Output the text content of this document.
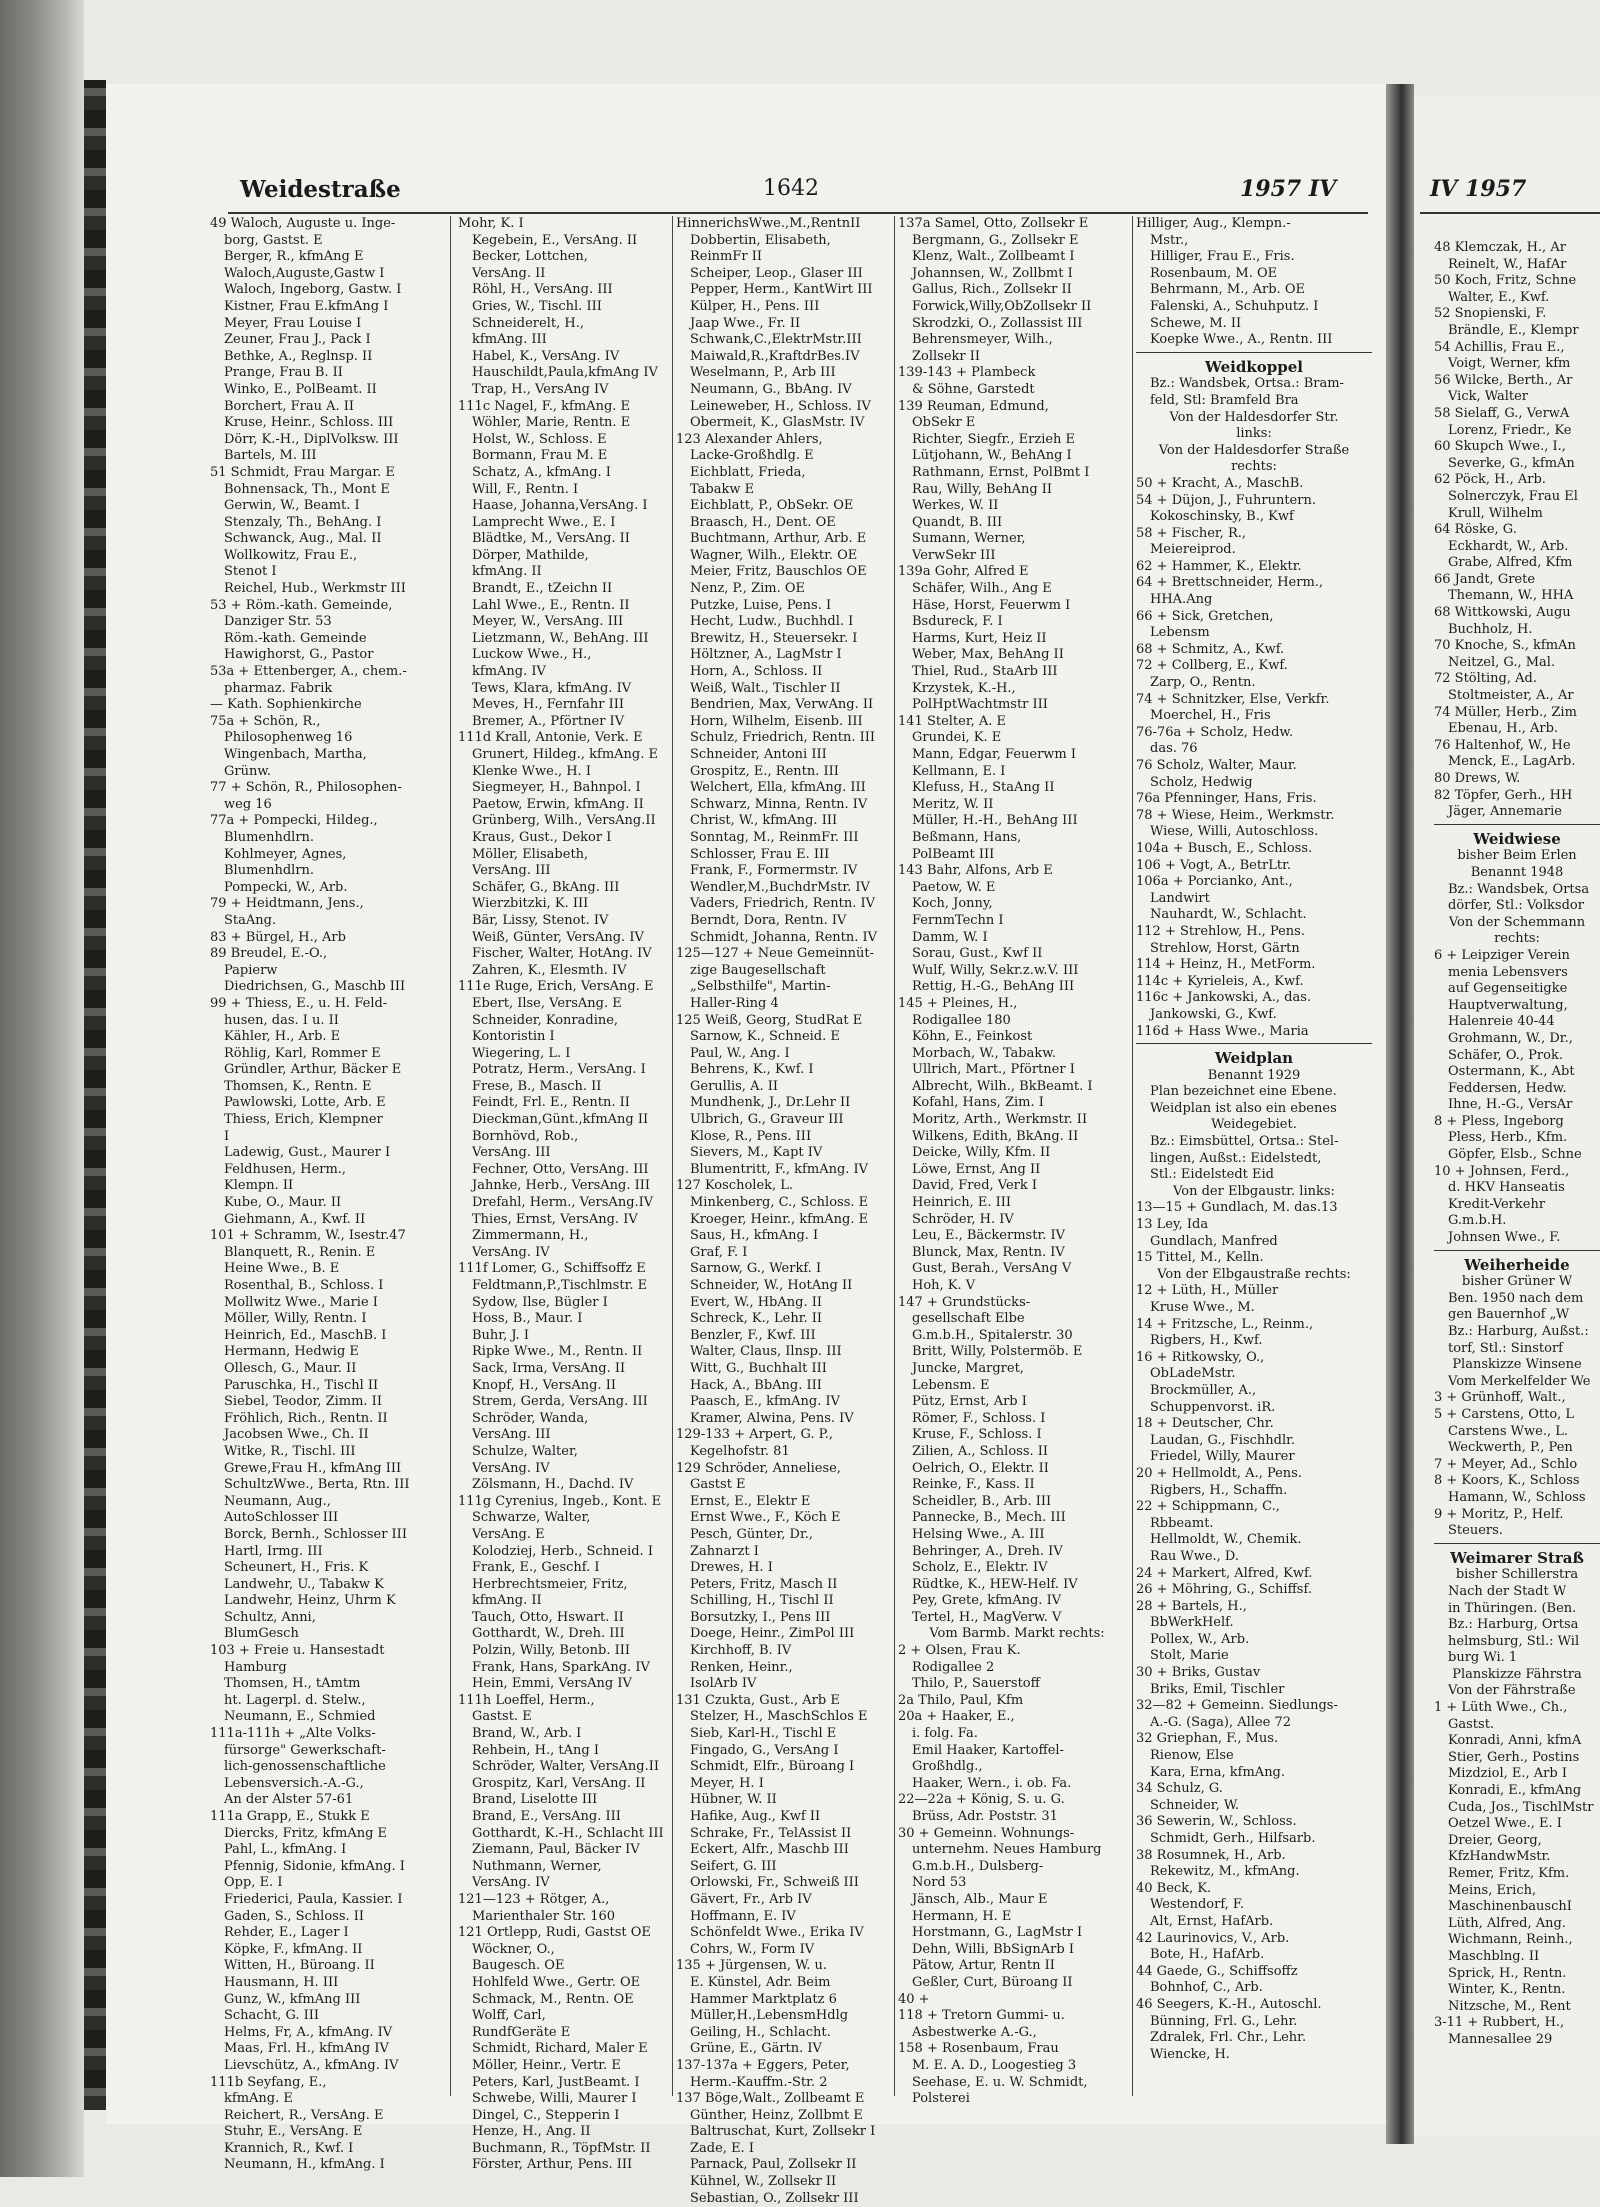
Weidestraße	1642	1957 IV	IV 1957
49 Waloch, Auguste u. Inge-
borg, Gastst. E
Berger, R., kfmAng E
Waloch,Auguste,Gastw I
Waloch, Ingeborg, Gastw. I
Kistner, Frau E.kfmAng I
Meyer, Frau Louise I
Zeuner, Frau J., Pack I
Bethke, A., Reglnsp. II
Prange, Frau B. II
Winko, E., PolBeamt. II
Borchert, Frau A. II
Kruse, Heinr., Schloss. III
Dörr, K.-H., DiplVolksw. III
Bartels, M. III
51 Schmidt, Frau Margar. E
Bohnensack, Th., Mont E
Gerwin, W., Beamt. I
Stenzaly, Th., BehAng. I
Schwanck, Aug., Mal. II
Wollkowitz, Frau E.,
Stenot I
Reichel, Hub., Werkmstr III
53 + Röm.-kath. Gemeinde,
Danziger Str. 53
Röm.-kath. Gemeinde
Hawighorst, G., Pastor
53a + Ettenberger, A., chem.-
pharmaz. Fabrik
— Kath. Sophienkirche
75a + Schön, R.,
Philosophenweg 16
Wingenbach, Martha,
Grünw.
77 + Schön, R., Philosophen-
weg 16
77a + Pompecki, Hildeg.,
Blumenhdlrn.
Kohlmeyer, Agnes,
Blumenhdlrn.
Pompecki, W., Arb.
79 + Heidtmann, Jens.,
StaAng.
83 + Bürgel, H., Arb
89 Breudel, E.-O.,
Papierw
Diedrichsen, G., Maschb III
99 + Thiess, E., u. H. Feld-
husen, das. I u. II
Kähler, H., Arb. E
Röhlig, Karl, Rommer E
Gründler, Arthur, Bäcker E
Thomsen, K., Rentn. E
Pawlowski, Lotte, Arb. E
Thiess, Erich, Klempner
I
Ladewig, Gust., Maurer I
Feldhusen, Herm.,
Klempn. II
Kube, O., Maur. II
Giehmann, A., Kwf. II
101 + Schramm, W., Isestr.47
Blanquett, R., Renin. E
Heine Wwe., B. E
Rosenthal, B., Schloss. I
Mollwitz Wwe., Marie I
Möller, Willy, Rentn. I
Heinrich, Ed., MaschB. I
Hermann, Hedwig E
Ollesch, G., Maur. II
Paruschka, H., Tischl II
Siebel, Teodor, Zimm. II
Fröhlich, Rich., Rentn. II
Jacobsen Wwe., Ch. II
Witke, R., Tischl. III
Grewe,Frau H., kfmAng III
SchultzWwe., Berta, Rtn. III
Neumann, Aug.,
AutoSchlosser III
Borck, Bernh., Schlosser III
Hartl, Irmg. III
Scheunert, H., Fris. K
Landwehr, U., Tabakw K
Landwehr, Heinz, Uhrm K
Schultz, Anni,
BlumGesch
103 + Freie u. Hansestadt
Hamburg
Thomsen, H., tAmtm
ht. Lagerpl. d. Stelw.,
Neumann, E., Schmied
111a-111h + „Alte Volks-
fürsorge" Gewerkschaft-
lich-genossenschaftliche
Lebensversich.-A.-G.,
An der Alster 57-61
111a Grapp, E., Stukk E
Diercks, Fritz, kfmAng E
Pahl, L., kfmAng. I
Pfennig, Sidonie, kfmAng. I
Opp, E. I
Friederici, Paula, Kassier. I
Gaden, S., Schloss. II
Rehder, E., Lager I
Köpke, F., kfmAng. II
Witten, H., Büroang. II
Hausmann, H. III
Gunz, W., kfmAng III
Schacht, G. III
Helms, Fr, A., kfmAng. IV
Maas, Frl. H., kfmAng IV
Lievschütz, A., kfmAng. IV
111b Seyfang, E.,
kfmAng. E
Reichert, R., VersAng. E
Stuhr, E., VersAng. E
Krannich, R., Kwf. I
Neumann, H., kfmAng. I
Mohr, K. I
Kegebein, E., VersAng. II
Becker, Lottchen,
VersAng. II
Röhl, H., VersAng. III
Gries, W., Tischl. III
Schneiderelt, H.,
kfmAng. III
Habel, K., VersAng. IV
Hauschildt,Paula,kfmAng IV
Trap, H., VersAng IV
111c Nagel, F., kfmAng. E
Wöhler, Marie, Rentn. E
Holst, W., Schloss. E
Bormann, Frau M. E
Schatz, A., kfmAng. I
Will, F., Rentn. I
Haase, Johanna,VersAng. I
Lamprecht Wwe., E. I
Blädtke, M., VersAng. II
Dörper, Mathilde,
kfmAng. II
Brandt, E., tZeichn II
Lahl Wwe., E., Rentn. II
Meyer, W., VersAng. III
Lietzmann, W., BehAng. III
Luckow Wwe., H.,
kfmAng. IV
Tews, Klara, kfmAng. IV
Meves, H., Fernfahr III
Bremer, A., Pförtner IV
111d Krall, Antonie, Verk. E
Grunert, Hildeg., kfmAng. E
Klenke Wwe., H. I
Siegmeyer, H., Bahnpol. I
Paetow, Erwin, kfmAng. II
Grünberg, Wilh., VersAng.II
Kraus, Gust., Dekor I
Möller, Elisabeth,
VersAng. III
Schäfer, G., BkAng. III
Wierzbitzki, K. III
Bär, Lissy, Stenot. IV
Weiß, Günter, VersAng. IV
Fischer, Walter, HotAng. IV
Zahren, K., Elesmth. IV
111e Ruge, Erich, VersAng. E
Ebert, Ilse, VersAng. E
Schneider, Konradine,
Kontoristin I
Wiegering, L. I
Potratz, Herm., VersAng. I
Frese, B., Masch. II
Feindt, Frl. E., Rentn. II
Dieckman,Günt.,kfmAng II
Bornhövd, Rob.,
VersAng. III
Fechner, Otto, VersAng. III
Jahnke, Herb., VersAng. III
Drefahl, Herm., VersAng.IV
Thies, Ernst, VersAng. IV
Zimmermann, H.,
VersAng. IV
111f Lomer, G., Schiffsoffz E
Feldtmann,P.,Tischlmstr. E
Sydow, Ilse, Bügler I
Hoss, B., Maur. I
Buhr, J. I
Ripke Wwe., M., Rentn. II
Sack, Irma, VersAng. II
Knopf, H., VersAng. II
Strem, Gerda, VersAng. III
Schröder, Wanda,
VersAng. III
Schulze, Walter,
VersAng. IV
Zölsmann, H., Dachd. IV
111g Cyrenius, Ingeb., Kont. E
Schwarze, Walter,
VersAng. E
Kolodziej, Herb., Schneid. I
Frank, E., Geschf. I
Herbrechtsmeier, Fritz,
kfmAng. II
Tauch, Otto, Hswart. II
Gotthardt, W., Dreh. III
Polzin, Willy, Betonb. III
Frank, Hans, SparkAng. IV
Hein, Emmi, VersAng IV
111h Loeffel, Herm.,
Gastst. E
Brand, W., Arb. I
Rehbein, H., tAng I
Schröder, Walter, VersAng.II
Grospitz, Karl, VersAng. II
Brand, Liselotte III
Brand, E., VersAng. III
Gotthardt, K.-H., Schlacht III
Ziemann, Paul, Bäcker IV
Nuthmann, Werner,
VersAng. IV
121—123 + Rötger, A.,
Marienthaler Str. 160
121 Ortlepp, Rudi, Gastst OE
Wöckner, O.,
Baugesch. OE
Hohlfeld Wwe., Gertr. OE
Schmack, M., Rentn. OE
Wolff, Carl,
RundfGeräte E
Schmidt, Richard, Maler E
Möller, Heinr., Vertr. E
Peters, Karl, JustBeamt. I
Schwebe, Willi, Maurer I
Dingel, C., Stepperin I
Henze, H., Ang. II
Buchmann, R., TöpfMstr. II
Förster, Arthur, Pens. III
HinnerichsWwe.,M.,RentnII
Dobbertin, Elisabeth,
ReinmFr II
Scheiper, Leop., Glaser III
Pepper, Herm., KantWirt III
Külper, H., Pens. III
Jaap Wwe., Fr. II
Schwank,C.,ElektrMstr.III
Maiwald,R.,KraftdrBes.IV
Weselmann, P., Arb III
Neumann, G., BbAng. IV
Leineweber, H., Schloss. IV
Obermeit, K., GlasMstr. IV
123 Alexander Ahlers,
Lacke-Großhdlg. E
Eichblatt, Frieda,
Tabakw E
Eichblatt, P., ObSekr. OE
Braasch, H., Dent. OE
Buchtmann, Arthur, Arb. E
Wagner, Wilh., Elektr. OE
Meier, Fritz, Bauschlos OE
Nenz, P., Zim. OE
Putzke, Luise, Pens. I
Hecht, Ludw., Buchhdl. I
Brewitz, H., Steuersekr. I
Höltzner, A., LagMstr I
Horn, A., Schloss. II
Weiß, Walt., Tischler II
Bendrien, Max, VerwAng. II
Horn, Wilhelm, Eisenb. III
Schulz, Friedrich, Rentn. III
Schneider, Antoni III
Grospitz, E., Rentn. III
Welchert, Ella, kfmAng. III
Schwarz, Minna, Rentn. IV
Christ, W., kfmAng. III
Sonntag, M., ReinmFr. III
Schlosser, Frau E. III
Frank, F., Formermstr. IV
Wendler,M.,BuchdrMstr. IV
Vaders, Friedrich, Rentn. IV
Berndt, Dora, Rentn. IV
Schmidt, Johanna, Rentn. IV
125—127 + Neue Gemeinnüt-
zige Baugesellschaft
„Selbsthilfe", Martin-
Haller-Ring 4
125 Weiß, Georg, StudRat E
Sarnow, K., Schneid. E
Paul, W., Ang. I
Behrens, K., Kwf. I
Gerullis, A. II
Mundhenk, J., Dr.Lehr II
Ulbrich, G., Graveur III
Klose, R., Pens. III
Sievers, M., Kapt IV
Blumentritt, F., kfmAng. IV
127 Koscholek, L.
Minkenberg, C., Schloss. E
Kroeger, Heinr., kfmAng. E
Saus, H., kfmAng. I
Graf, F. I
Sarnow, G., Werkf. I
Schneider, W., HotAng II
Evert, W., HbAng. II
Schreck, K., Lehr. II
Benzler, F., Kwf. III
Walter, Claus, Ilnsp. III
Witt, G., Buchhalt III
Hack, A., BbAng. III
Paasch, E., kfmAng. IV
Kramer, Alwina, Pens. IV
129-133 + Arpert, G. P.,
Kegelhofstr. 81
129 Schröder, Anneliese,
Gastst E
Ernst, E., Elektr E
Ernst Wwe., F., Köch E
Pesch, Günter, Dr.,
Zahnarzt I
Drewes, H. I
Peters, Fritz, Masch II
Schilling, H., Tischl II
Borsutzky, I., Pens III
Doege, Heinr., ZimPol III
Kirchhoff, B. IV
Renken, Heinr.,
IsolArb IV
131 Czukta, Gust., Arb E
Stelzer, H., MaschSchlos E
Sieb, Karl-H., Tischl E
Fingado, G., VersAng I
Schmidt, Elfr., Büroang I
Meyer, H. I
Hübner, W. II
Hafike, Aug., Kwf II
Schrake, Fr., TelAssist II
Eckert, Alfr., Maschb III
Seifert, G. III
Orlowski, Fr., Schweiß III
Gävert, Fr., Arb IV
Hoffmann, E. IV
Schönfeldt Wwe., Erika IV
Cohrs, W., Form IV
135 + Jürgensen, W. u.
E. Künstel, Adr. Beim
Hammer Marktplatz 6
Müller,H.,LebensmHdlg
Geiling, H., Schlacht.
Grüne, E., Gärtn. IV
137-137a + Eggers, Peter,
Herm.-Kauffm.-Str. 2
137 Böge,Walt., Zollbeamt E
Günther, Heinz, Zollbmt E
Baltruschat, Kurt, Zollsekr I
Zade, E. I
Parnack, Paul, Zollsekr II
Kühnel, W., Zollsekr II
Sebastian, O., Zollsekr III
137a Samel, Otto, Zollsekr E
Bergmann, G., Zollsekr E
Klenz, Walt., Zollbeamt I
Johannsen, W., Zollbmt I
Gallus, Rich., Zollsekr II
Forwick,Willy,ObZollsekr II
Skrodzki, O., Zollassist III
Behrensmeyer, Wilh.,
Zollsekr II
139-143 + Plambeck
& Söhne, Garstedt
139 Reuman, Edmund,
ObSekr E
Richter, Siegfr., Erzieh E
Lütjohann, W., BehAng I
Rathmann, Ernst, PolBmt I
Rau, Willy, BehAng II
Werkes, W. II
Quandt, B. III
Sumann, Werner,
VerwSekr III
139a Gohr, Alfred E
Schäfer, Wilh., Ang E
Häse, Horst, Feuerwm I
Bsdureck, F. I
Harms, Kurt, Heiz II
Weber, Max, BehAng II
Thiel, Rud., StaArb III
Krzystek, K.-H.,
PolHptWachtmstr III
141 Stelter, A. E
Grundei, K. E
Mann, Edgar, Feuerwm I
Kellmann, E. I
Klefuss, H., StaAng II
Meritz, W. II
Müller, H.-H., BehAng III
Beßmann, Hans,
PolBeamt III
143 Bahr, Alfons, Arb E
Paetow, W. E
Koch, Jonny,
FernmTechn I
Damm, W. I
Sorau, Gust., Kwf II
Wulf, Willy, Sekr.z.w.V. III
Rettig, H.-G., BehAng III
145 + Pleines, H.,
Rodigallee 180
Köhn, E., Feinkost
Morbach, W., Tabakw.
Ullrich, Mart., Pförtner I
Albrecht, Wilh., BkBeamt. I
Kofahl, Hans, Zim. I
Moritz, Arth., Werkmstr. II
Wilkens, Edith, BkAng. II
Deicke, Willy, Kfm. II
Löwe, Ernst, Ang II
David, Fred, Verk I
Heinrich, E. III
Schröder, H. IV
Leu, E., Bäckermstr. IV
Blunck, Max, Rentn. IV
Gust, Berah., VersAng V
Hoh, K. V
147 + Grundstücks-
gesellschaft Elbe
G.m.b.H., Spitalerstr. 30
Britt, Willy, Polstermöb. E
Juncke, Margret,
Lebensm. E
Pütz, Ernst, Arb I
Römer, F., Schloss. I
Kruse, F., Schloss. I
Zilien, A., Schloss. II
Oelrich, O., Elektr. II
Reinke, F., Kass. II
Scheidler, B., Arb. III
Pannecke, B., Mech. III
Helsing Wwe., A. III
Behringer, A., Dreh. IV
Scholz, E., Elektr. IV
Rüdtke, K., HEW-Helf. IV
Pey, Grete, kfmAng. IV
Tertel, H., MagVerw. V
Vom Barmb. Markt rechts:
2 + Olsen, Frau K.
Rodigallee 2
Thilo, P., Sauerstoff
2a Thilo, Paul, Kfm
20a + Haaker, E.,
i. folg. Fa.
Emil Haaker, Kartoffel-
Großhdlg.,
Haaker, Wern., i. ob. Fa.
22—22a + König, S. u. G.
Brüss, Adr. Poststr. 31
30 + Gemeinn. Wohnungs-
unternehm. Neues Hamburg
G.m.b.H., Dulsberg-
Nord 53
Jänsch, Alb., Maur E
Hermann, H. E
Horstmann, G., LagMstr I
Dehn, Willi, BbSignArb I
Pätow, Artur, Rentn II
Geßler, Curt, Büroang II
40 +
118 + Tretorn Gummi- u.
Asbestwerke A.-G.,
158 + Rosenbaum, Frau
M. E. A. D., Loogestieg 3
Seehase, E. u. W. Schmidt,
Polsterei
Hilliger, Aug., Klempn.-
Mstr.,
Hilliger, Frau E., Fris.
Rosenbaum, M. OE
Behrmann, M., Arb. OE
Falenski, A., Schuhputz. I
Schewe, M. II
Koepke Wwe., A., Rentn. III
Weidkoppel
Bz.: Wandsbek, Ortsa.: Bram-
feld, Stl: Bramfeld Bra
Von der Haldesdorfer Str.
links:
Von der Haldesdorfer Straße
rechts:
50 + Kracht, A., MaschB.
54 + Düjon, J., Fuhruntern.
Kokoschinsky, B., Kwf
58 + Fischer, R.,
Meiereiprod.
62 + Hammer, K., Elektr.
64 + Brettschneider, Herm.,
HHA.Ang
66 + Sick, Gretchen,
Lebensm
68 + Schmitz, A., Kwf.
72 + Collberg, E., Kwf.
Zarp, O., Rentn.
74 + Schnitzker, Else, Verkfr.
Moerchel, H., Fris
76-76a + Scholz, Hedw.
das. 76
76 Scholz, Walter, Maur.
Scholz, Hedwig
76a Pfenninger, Hans, Fris.
78 + Wiese, Heim., Werkmstr.
Wiese, Willi, Autoschloss.
104a + Busch, E., Schloss.
106 + Vogt, A., BetrLtr.
106a + Porcianko, Ant.,
Landwirt
Nauhardt, W., Schlacht.
112 + Strehlow, H., Pens.
Strehlow, Horst, Gärtn
114 + Heinz, H., MetForm.
114c + Kyrieleis, A., Kwf.
116c + Jankowski, A., das.
Jankowski, G., Kwf.
116d + Hass Wwe., Maria
Weidplan
Benannt 1929
Plan bezeichnet eine Ebene.
Weidplan ist also ein ebenes
Weidegebiet.
Bz.: Eimsbüttel, Ortsa.: Stel-
lingen, Außst.: Eidelstedt,
Stl.: Eidelstedt Eid
Von der Elbgaustr. links:
13—15 + Gundlach, M. das.13
13 Ley, Ida
Gundlach, Manfred
15 Tittel, M., Kelln.
Von der Elbgaustraße rechts:
12 + Lüth, H., Müller
Kruse Wwe., M.
14 + Fritzsche, L., Reinm.,
Rigbers, H., Kwf.
16 + Ritkowsky, O.,
ObLadeMstr.
Brockmüller, A.,
Schuppenvorst. iR.
18 + Deutscher, Chr.
Laudan, G., Fischhdlr.
Friedel, Willy, Maurer
20 + Hellmoldt, A., Pens.
Rigbers, H., Schaffn.
22 + Schippmann, C.,
Rbbeamt.
Hellmoldt, W., Chemik.
Rau Wwe., D.
24 + Markert, Alfred, Kwf.
26 + Möhring, G., Schiffsf.
28 + Bartels, H.,
BbWerkHelf.
Pollex, W., Arb.
Stolt, Marie
30 + Briks, Gustav
Briks, Emil, Tischler
32—82 + Gemeinn. Siedlungs-
A.-G. (Saga), Allee 72
32 Griephan, F., Mus.
Rienow, Else
Kara, Erna, kfmAng.
34 Schulz, G.
Schneider, W.
36 Sewerin, W., Schloss.
Schmidt, Gerh., Hilfsarb.
38 Rosumnek, H., Arb.
Rekewitz, M., kfmAng.
40 Beck, K.
Westendorf, F.
Alt, Ernst, HafArb.
42 Laurinovics, V., Arb.
Bote, H., HafArb.
44 Gaede, G., Schiffsoffz
Bohnhof, C., Arb.
46 Seegers, K.-H., Autoschl.
Bünning, Frl. G., Lehr.
Zdralek, Frl. Chr., Lehr.
Wiencke, H.
48 Klemczak, H., Ar
Reinelt, W., HafAr
50 Koch, Fritz, Schne
Walter, E., Kwf.
52 Snopienski, F.
Brändle, E., Klempr
54 Achillis, Frau E.,
Voigt, Werner, kfm
56 Wilcke, Berth., Ar
Vick, Walter
58 Sielaff, G., VerwA
Lorenz, Friedr., Ke
60 Skupch Wwe., I.,
Severke, G., kfmAn
62 Pöck, H., Arb.
Solnerczyk, Frau El
Krull, Wilhelm
64 Röske, G.
Eckhardt, W., Arb.
Grabe, Alfred, Kfm
66 Jandt, Grete
Themann, W., HHA
68 Wittkowski, Augu
Buchholz, H.
70 Knoche, S., kfmAn
Neitzel, G., Mal.
72 Stölting, Ad.
Stoltmeister, A., Ar
74 Müller, Herb., Zim
Ebenau, H., Arb.
76 Haltenhof, W., He
Menck, E., LagArb.
80 Drews, W.
82 Töpfer, Gerh., HH
Jäger, Annemarie
Weidwiese
bisher Beim Erlen
Benannt 1948
Bz.: Wandsbek, Ortsa
dörfer, Stl.: Volksdor
Von der Schemmann
rechts:
6 + Leipziger Verein
menia Lebensvers
auf Gegenseitigke
Hauptverwaltung,
Halenreie 40-44
Grohmann, W., Dr.,
Schäfer, O., Prok.
Ostermann, K., Abt
Feddersen, Hedw.
Ihne, H.-G., VersAr
8 + Pless, Ingeborg
Pless, Herb., Kfm.
Göpfer, Elsb., Schne
10 + Johnsen, Ferd.,
d. HKV Hanseatis
Kredit-Verkehr
G.m.b.H.
Johnsen Wwe., F.
Weiherheide
bisher Grüner W
Ben. 1950 nach dem
gen Bauernhof „W
Bz.: Harburg, Außst.:
torf, Stl.: Sinstorf
Planskizze Winsene
Vom Merkelfelder We
3 + Grünhoff, Walt.,
5 + Carstens, Otto, L
Carstens Wwe., L.
Weckwerth, P., Pen
7 + Meyer, Ad., Schlo
8 + Koors, K., Schloss
Hamann, W., Schloss
9 + Moritz, P., Helf.
Steuers.
Weimarer Straß
bisher Schillerstra
Nach der Stadt W
in Thüringen. (Ben.
Bz.: Harburg, Ortsa
helmsburg, Stl.: Wil
burg Wi. 1
Planskizze Fährstra
Von der Fährstraße
1 + Lüth Wwe., Ch.,
Gastst.
Konradi, Anni, kfmA
Stier, Gerh., Postins
Mizdziol, E., Arb I
Konradi, E., kfmAng
Cuda, Jos., TischlMstr
Oetzel Wwe., E. I
Dreier, Georg,
KfzHandwMstr.
Remer, Fritz, Kfm.
Meins, Erich,
MaschinenbauschI
Lüth, Alfred, Ang.
Wichmann, Reinh.,
Maschblng. II
Sprick, H., Rentn.
Winter, K., Rentn.
Nitzsche, M., Rent
3-11 + Rubbert, H.,
Mannesallee 29
